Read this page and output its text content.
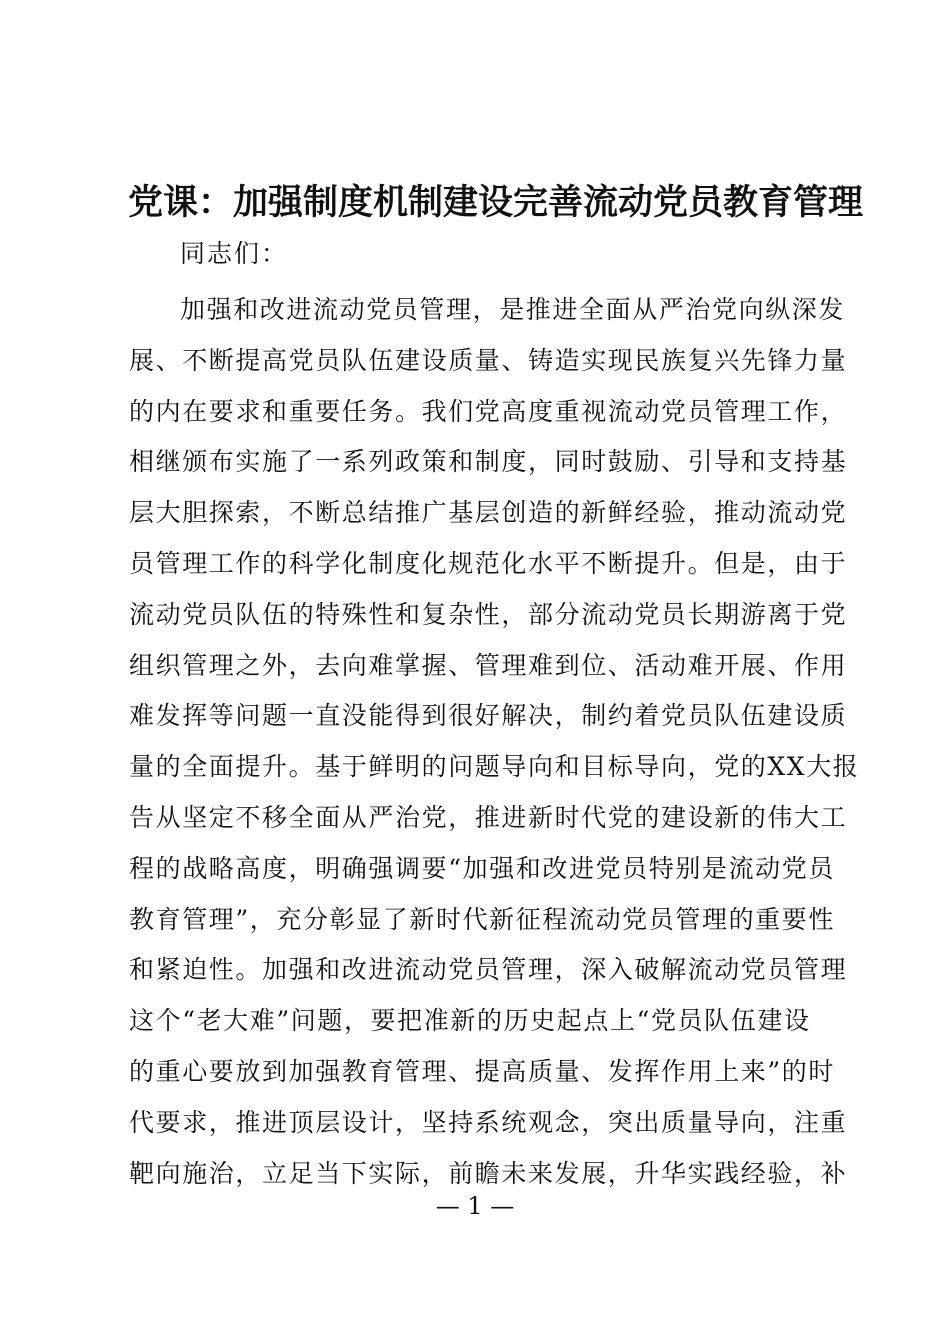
党课：加强制度机制建设完善流动党员教育管理

同志们：

加强和改进流动党员管理，是推进全面从严治党向纵深发
展、不断提高党员队伍建设质量、铸造实现民族复兴先锋力量
的内在要求和重要任务。我们党高度重视流动党员管理工作，
相继颁布实施了一系列政策和制度，同时鼓励、引导和支持基
层大胆探索，不断总结推广基层创造的新鲜经验，推动流动党
员管理工作的科学化制度化规范化水平不断提升。但是，由于
流动党员队伍的特殊性和复杂性，部分流动党员长期游离于党
组织管理之外，去向难掌握、管理难到位、活动难开展、作用
难发挥等问题一直没能得到很好解决，制约着党员队伍建设质
量的全面提升。基于鲜明的问题导向和目标导向，党的XX大报
告从坚定不移全面从严治党，推进新时代党的建设新的伟大工
程的战略高度，明确强调要“加强和改进党员特别是流动党员
教育管理”，充分彰显了新时代新征程流动党员管理的重要性
和紧迫性。加强和改进流动党员管理，深入破解流动党员管理
这个“老大难”问题，要把准新的历史起点上“党员队伍建设
的重心要放到加强教育管理、提高质量、发挥作用上来”的时
代要求，推进顶层设计，坚持系统观念，突出质量导向，注重
靶向施治，立足当下实际，前瞻未来发展，升华实践经验，补

— 1 —
